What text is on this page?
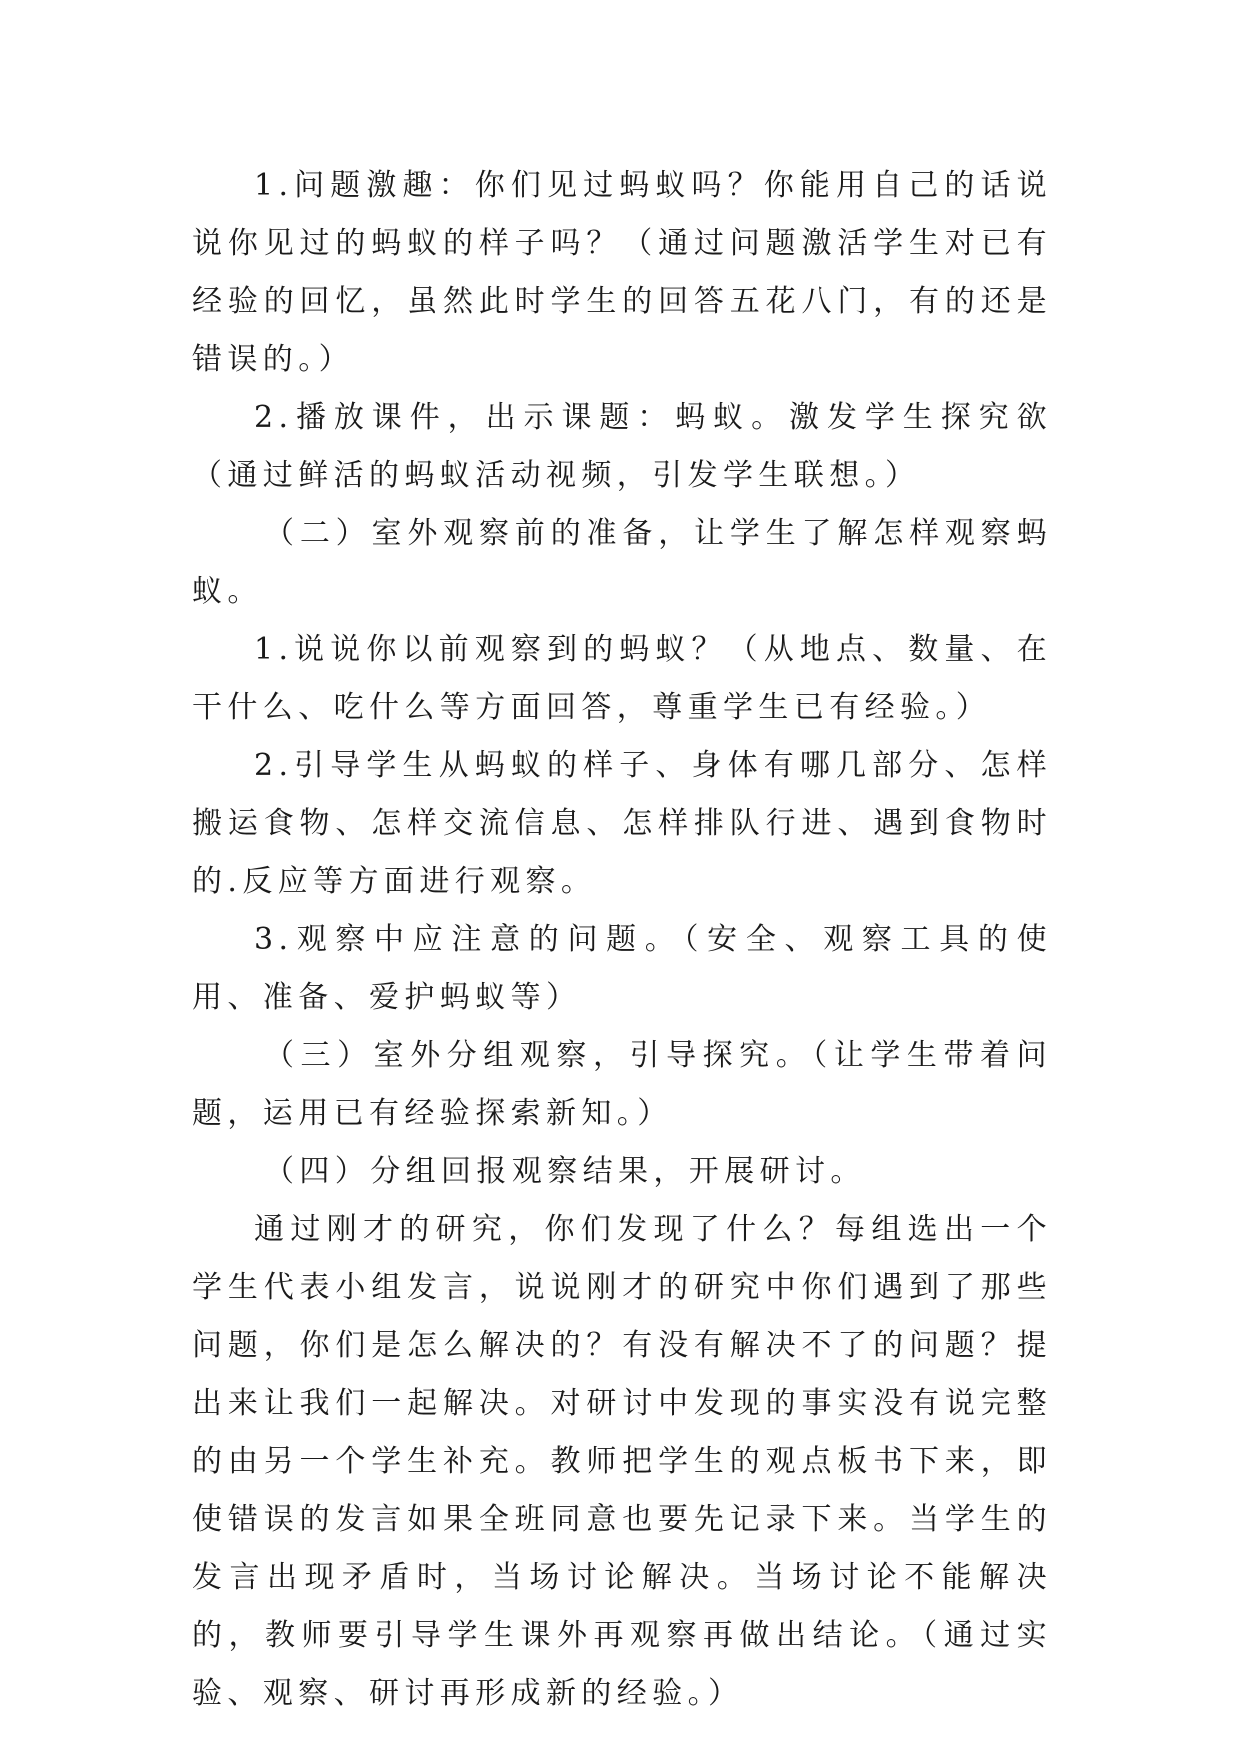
1.问题激趣：你们见过蚂蚁吗？你能用自己的话说说你见过的蚂蚁的样子吗？（通过问题激活学生对已有经验的回忆，虽然此时学生的回答五花八门，有的还是错误的。）

2.播放课件，出示课题：蚂蚁。激发学生探究欲（通过鲜活的蚂蚁活动视频，引发学生联想。）

（二）室外观察前的准备，让学生了解怎样观察蚂蚁。

1.说说你以前观察到的蚂蚁？（从地点、数量、在干什么、吃什么等方面回答，尊重学生已有经验。）

2.引导学生从蚂蚁的样子、身体有哪几部分、怎样搬运食物、怎样交流信息、怎样排队行进、遇到食物时的.反应等方面进行观察。

3.观察中应注意的问题。（安全、观察工具的使用、准备、爱护蚂蚁等）

（三）室外分组观察，引导探究。（让学生带着问题，运用已有经验探索新知。）

（四）分组回报观察结果，开展研讨。

通过刚才的研究，你们发现了什么？每组选出一个学生代表小组发言，说说刚才的研究中你们遇到了那些问题，你们是怎么解决的？有没有解决不了的问题？提出来让我们一起解决。对研讨中发现的事实没有说完整的由另一个学生补充。教师把学生的观点板书下来，即使错误的发言如果全班同意也要先记录下来。当学生的发言出现矛盾时，当场讨论解决。当场讨论不能解决的，教师要引导学生课外再观察再做出结论。（通过实验、观察、研讨再形成新的经验。）
